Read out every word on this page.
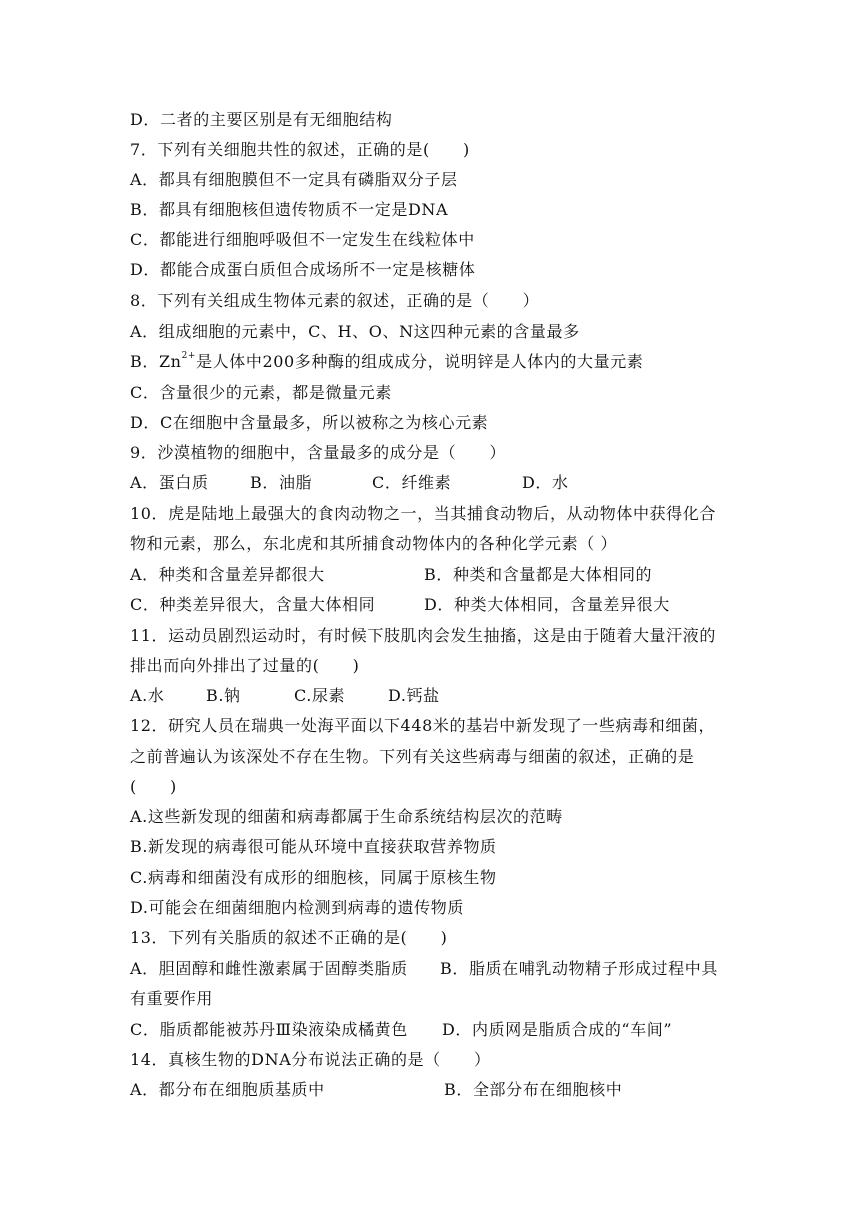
D．二者的主要区别是有无细胞结构
7．下列有关细胞共性的叙述，正确的是(　　)
A．都具有细胞膜但不一定具有磷脂双分子层
B．都具有细胞核但遗传物质不一定是DNA
C．都能进行细胞呼吸但不一定发生在线粒体中
D．都能合成蛋白质但合成场所不一定是核糖体
8．下列有关组成生物体元素的叙述，正确的是（　　）
A．组成细胞的元素中，C、H、O、N这四种元素的含量最多
B．$Zn^{2+}$是人体中200多种酶的组成成分，说明锌是人体内的大量元素
C．含量很少的元素，都是微量元素
D．C在细胞中含量最多，所以被称之为核心元素
9．沙漠植物的细胞中，含量最多的成分是（　　）
A．蛋白质	B．油脂	C．纤维素	D．水
10．虎是陆地上最强大的食肉动物之一，当其捕食动物后，从动物体中获得化合
物和元素，那么，东北虎和其所捕食动物体内的各种化学元素（ ）
A．种类和含量差异都很大	B．种类和含量都是大体相同的
C．种类差异很大，含量大体相同	D．种类大体相同，含量差异很大
11．运动员剧烈运动时，有时候下肢肌肉会发生抽搐，这是由于随着大量汗液的
排出而向外排出了过量的(　　)
A.水	B.钠	C.尿素	D.钙盐
12．研究人员在瑞典一处海平面以下448米的基岩中新发现了一些病毒和细菌，
之前普遍认为该深处不存在生物。下列有关这些病毒与细菌的叙述，正确的是
(　　)
A.这些新发现的细菌和病毒都属于生命系统结构层次的范畴
B.新发现的病毒很可能从环境中直接获取营养物质
C.病毒和细菌没有成形的细胞核，同属于原核生物
D.可能会在细菌细胞内检测到病毒的遗传物质
13．下列有关脂质的叙述不正确的是(　　)
A．胆固醇和雌性激素属于固醇类脂质 B．脂质在哺乳动物精子形成过程中具
有重要作用
C．脂质都能被苏丹Ⅲ染液染成橘黄色 D．内质网是脂质合成的“车间”
14．真核生物的DNA分布说法正确的是（　　）
A．都分布在细胞质基质中	B．全部分布在细胞核中
